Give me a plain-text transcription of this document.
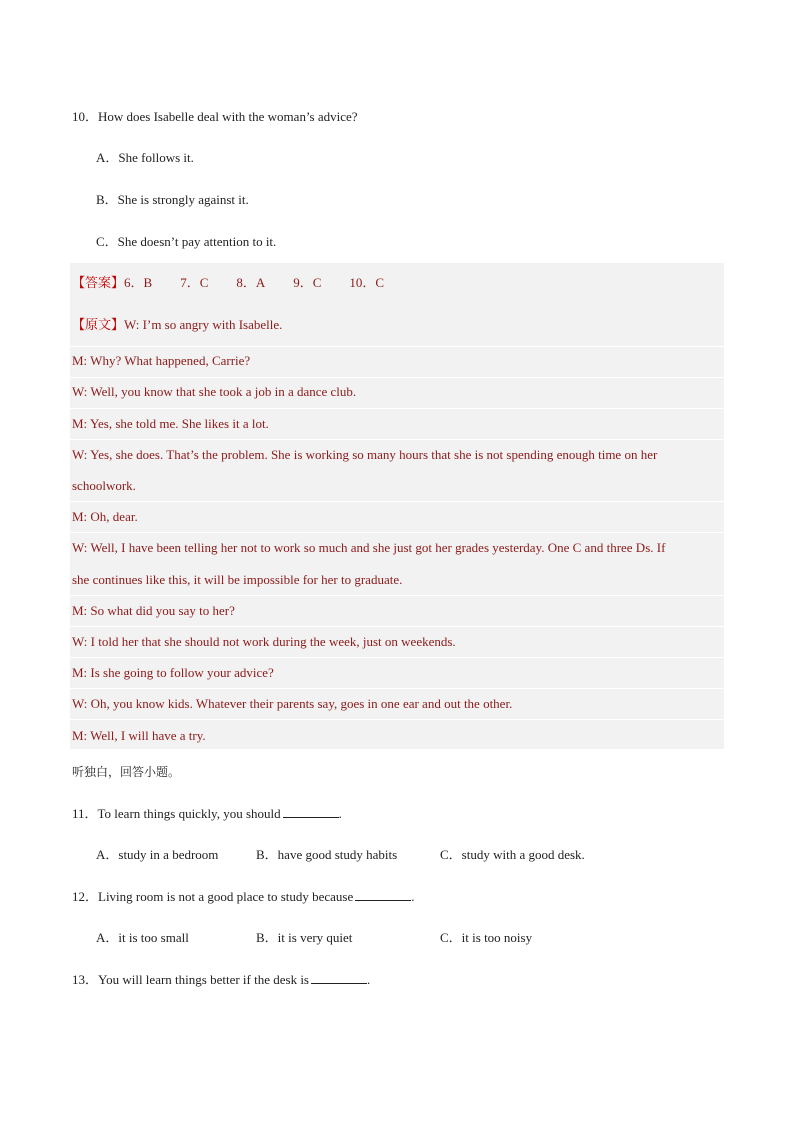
10．How does Isabelle deal with the woman’s advice?
A．She follows it.
B．She is strongly against it.
C．She doesn’t pay attention to it.
【答案】6．B 7．C 8．A 9．C 10．C
【原文】W: I’m so angry with Isabelle.
M: Why? What happened, Carrie?
W: Well, you know that she took a job in a dance club.
M: Yes, she told me. She likes it a lot.
W: Yes, she does. That’s the problem. She is working so many hours that she is not spending enough time on her
schoolwork.
M: Oh, dear.
W: Well, I have been telling her not to work so much and she just got her grades yesterday. One C and three Ds. If
she continues like this, it will be impossible for her to graduate.
M: So what did you say to her?
W: I told her that she should not work during the week, just on weekends.
M: Is she going to follow your advice?
W: Oh, you know kids. Whatever their parents say, goes in one ear and out the other.
M: Well, I will have a try.
听独白，回答小题。
11．To learn things quickly, you should	.
A．study in a bedroom	B．have good study habits	C．study with a good desk.
12．Living room is not a good place to study because	.
A．it is too small	B．it is very quiet	C．it is too noisy
13．You will learn things better if the desk is	.
